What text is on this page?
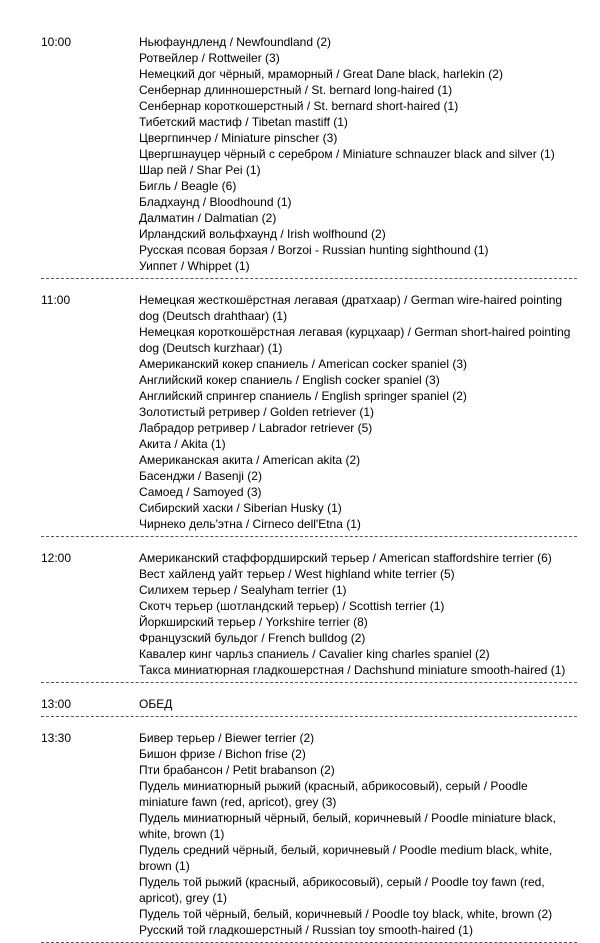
10:00	Ньюфаундленд / Newfoundland (2)
Ротвейлер / Rottweiler (3)
Немецкий дог чёрный, мраморный / Great Dane black, harlekin (2)
Сенбернар длинношерстный / St. bernard long-haired (1)
Сенбернар короткошерстный / St. bernard short-haired (1)
Тибетский мастиф / Tibetan mastiff (1)
Цвергпинчер / Miniature pinscher (3)
Цвергшнауцер чёрный с серебром / Miniature schnauzer black and silver (1)
Шар пей / Shar Pei (1)
Бигль / Beagle (6)
Бладхаунд / Bloodhound (1)
Далматин / Dalmatian (2)
Ирландский вольфхаунд / Irish wolfhound (2)
Русская псовая борзая / Borzoi - Russian hunting sighthound (1)
Уиппет / Whippet (1)
11:00	Немецкая жесткошёрстная легавая (дратхаар) / German wire-haired pointing dog (Deutsch drahthaar) (1)
Немецкая короткошёрстная легавая (курцхаар) / German short-haired pointing dog (Deutsch kurzhaar) (1)
Американский кокер спаниель / American cocker spaniel (3)
Английский кокер спаниель / English cocker spaniel (3)
Английский спрингер спаниель / English springer spaniel (2)
Золотистый ретривер / Golden retriever (1)
Лабрадор ретривер / Labrador retriever (5)
Акита / Akita (1)
Американская акита / American akita (2)
Басенджи / Basenji (2)
Самоед / Samoyed (3)
Сибирский хаски / Siberian Husky (1)
Чирнеко дель'этна / Cirneco dell'Etna (1)
12:00	Американский стаффордширский терьер / American staffordshire terrier (6)
Вест хайленд уайт терьер / West highland white terrier (5)
Силихем терьер / Sealyham terrier (1)
Скотч терьер (шотландский терьер) / Scottish terrier (1)
Йоркширский терьер / Yorkshire terrier (8)
Французский бульдог / French bulldog (2)
Кавалер кинг чарльз спаниель / Cavalier king charles spaniel (2)
Такса миниатюрная гладкошерстная / Dachshund miniature smooth-haired (1)
13:00	ОБЕД
13:30	Бивер терьер / Biewer terrier (2)
Бишон фризе / Bichon frise (2)
Пти брабансон / Petit brabanson (2)
Пудель миниатюрный рыжий (красный, абрикосовый), серый / Poodle miniature fawn (red, apricot), grey (3)
Пудель миниатюрный чёрный, белый, коричневый / Poodle miniature black, white, brown (1)
Пудель средний чёрный, белый, коричневый / Poodle medium black, white, brown (1)
Пудель той рыжий (красный, абрикосовый), серый / Poodle toy fawn (red, apricot), grey (1)
Пудель той чёрный, белый, коричневый / Poodle toy black, white, brown (2)
Русский той гладкошерстный / Russian toy smooth-haired (1)
